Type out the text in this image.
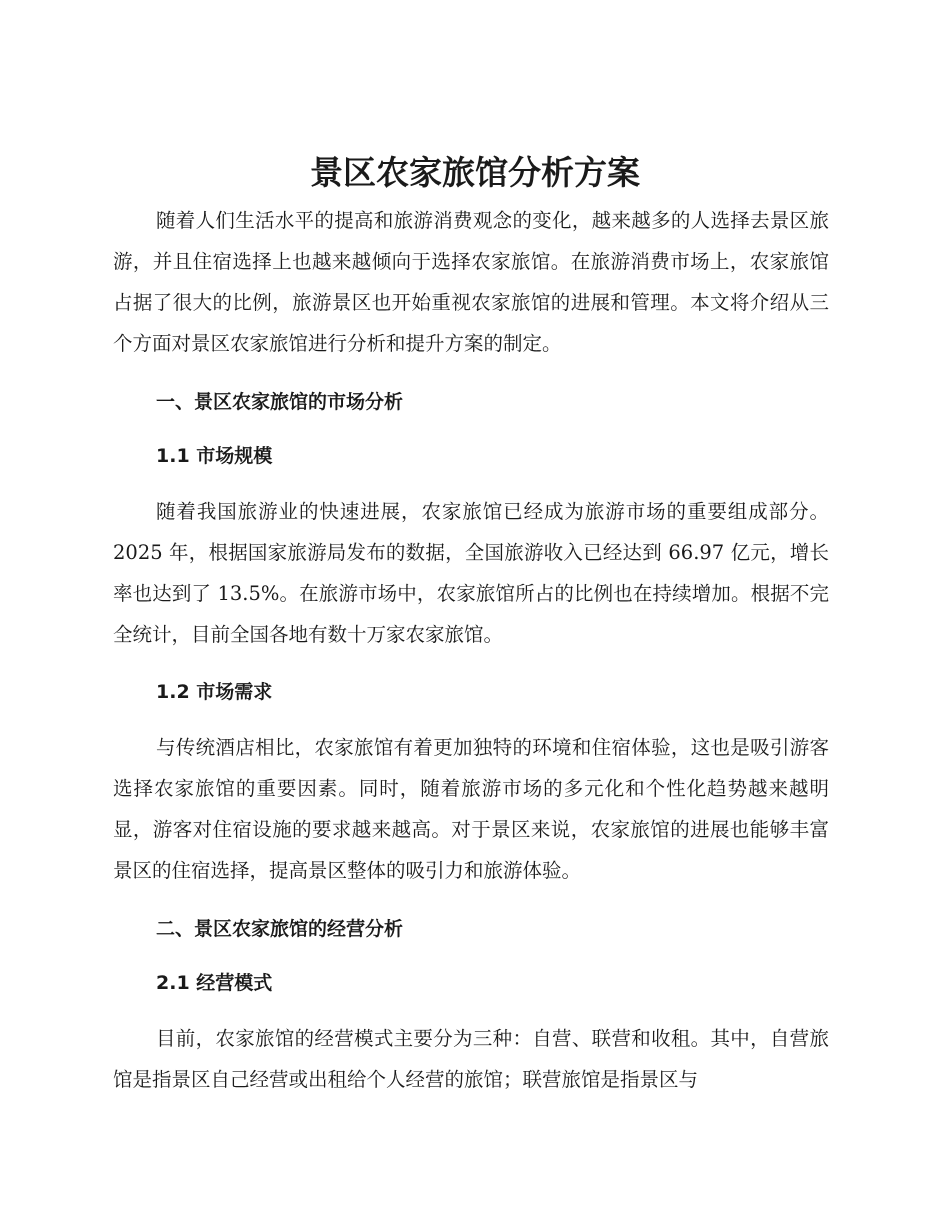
景区农家旅馆分析方案

随着人们生活水平的提高和旅游消费观念的变化，越来越多的人选择去景区旅游，并且住宿选择上也越来越倾向于选择农家旅馆。在旅游消费市场上，农家旅馆占据了很大的比例，旅游景区也开始重视农家旅馆的进展和管理。本文将介绍从三个方面对景区农家旅馆进行分析和提升方案的制定。

一、景区农家旅馆的市场分析
1.1 市场规模

随着我国旅游业的快速进展，农家旅馆已经成为旅游市场的重要组成部分。2025 年，根据国家旅游局发布的数据，全国旅游收入已经达到 66.97 亿元，增长率也达到了 13.5%。在旅游市场中，农家旅馆所占的比例也在持续增加。根据不完全统计，目前全国各地有数十万家农家旅馆。

1.2 市场需求

与传统酒店相比，农家旅馆有着更加独特的环境和住宿体验，这也是吸引游客选择农家旅馆的重要因素。同时，随着旅游市场的多元化和个性化趋势越来越明显，游客对住宿设施的要求越来越高。对于景区来说，农家旅馆的进展也能够丰富景区的住宿选择，提高景区整体的吸引力和旅游体验。

二、景区农家旅馆的经营分析
2.1 经营模式

目前，农家旅馆的经营模式主要分为三种：自营、联营和收租。其中，自营旅馆是指景区自己经营或出租给个人经营的旅馆；联营旅馆是指景区与
